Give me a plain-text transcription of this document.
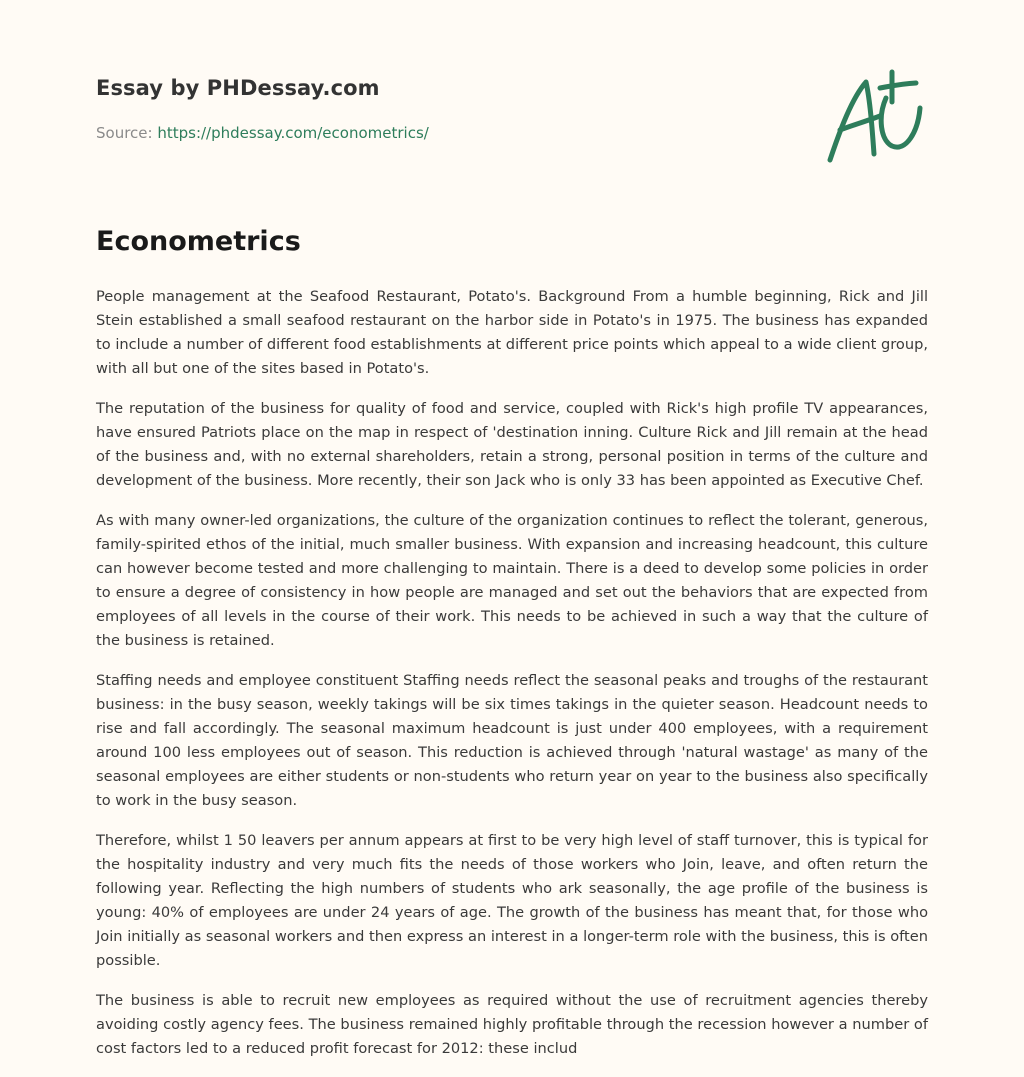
Essay by PHDessay.com
Source: https://phdessay.com/econometrics/
Econometrics

People management at the Seafood Restaurant, Potato's. Background From a humble beginning, Rick and Jill Stein established a small seafood restaurant on the harbor side in Potato's in 1975. The business has expanded to include a number of different food establishments at different price points which appeal to a wide client group, with all but one of the sites based in Potato's.

The reputation of the business for quality of food and service, coupled with Rick's high profile TV appearances, have ensured Patriots place on the map in respect of 'destination inning. Culture Rick and Jill remain at the head of the business and, with no external shareholders, retain a strong, personal position in terms of the culture and development of the business. More recently, their son Jack who is only 33 has been appointed as Executive Chef.

As with many owner-led organizations, the culture of the organization continues to reflect the tolerant, generous, family-spirited ethos of the initial, much smaller business. With expansion and increasing headcount, this culture can however become tested and more challenging to maintain. There is a deed to develop some policies in order to ensure a degree of consistency in how people are managed and set out the behaviors that are expected from employees of all levels in the course of their work. This needs to be achieved in such a way that the culture of the business is retained.

Staffing needs and employee constituent Staffing needs reflect the seasonal peaks and troughs of the restaurant business: in the busy season, weekly takings will be six times takings in the quieter season. Headcount needs to rise and fall accordingly. The seasonal maximum headcount is just under 400 employees, with a requirement around 100 less employees out of season. This reduction is achieved through 'natural wastage' as many of the seasonal employees are either students or non-students who return year on year to the business also specifically to work in the busy season.

Therefore, whilst 1 50 leavers per annum appears at first to be very high level of staff turnover, this is typical for the hospitality industry and very much fits the needs of those workers who Join, leave, and often return the following year. Reflecting the high numbers of students who ark seasonally, the age profile of the business is young: 40% of employees are under 24 years of age. The growth of the business has meant that, for those who Join initially as seasonal workers and then express an interest in a longer-term role with the business, this is often possible.

The business is able to recruit new employees as required without the use of recruitment agencies thereby avoiding costly agency fees. The business remained highly profitable through the recession however a number of cost factors led to a reduced profit forecast for 2012: these includ
